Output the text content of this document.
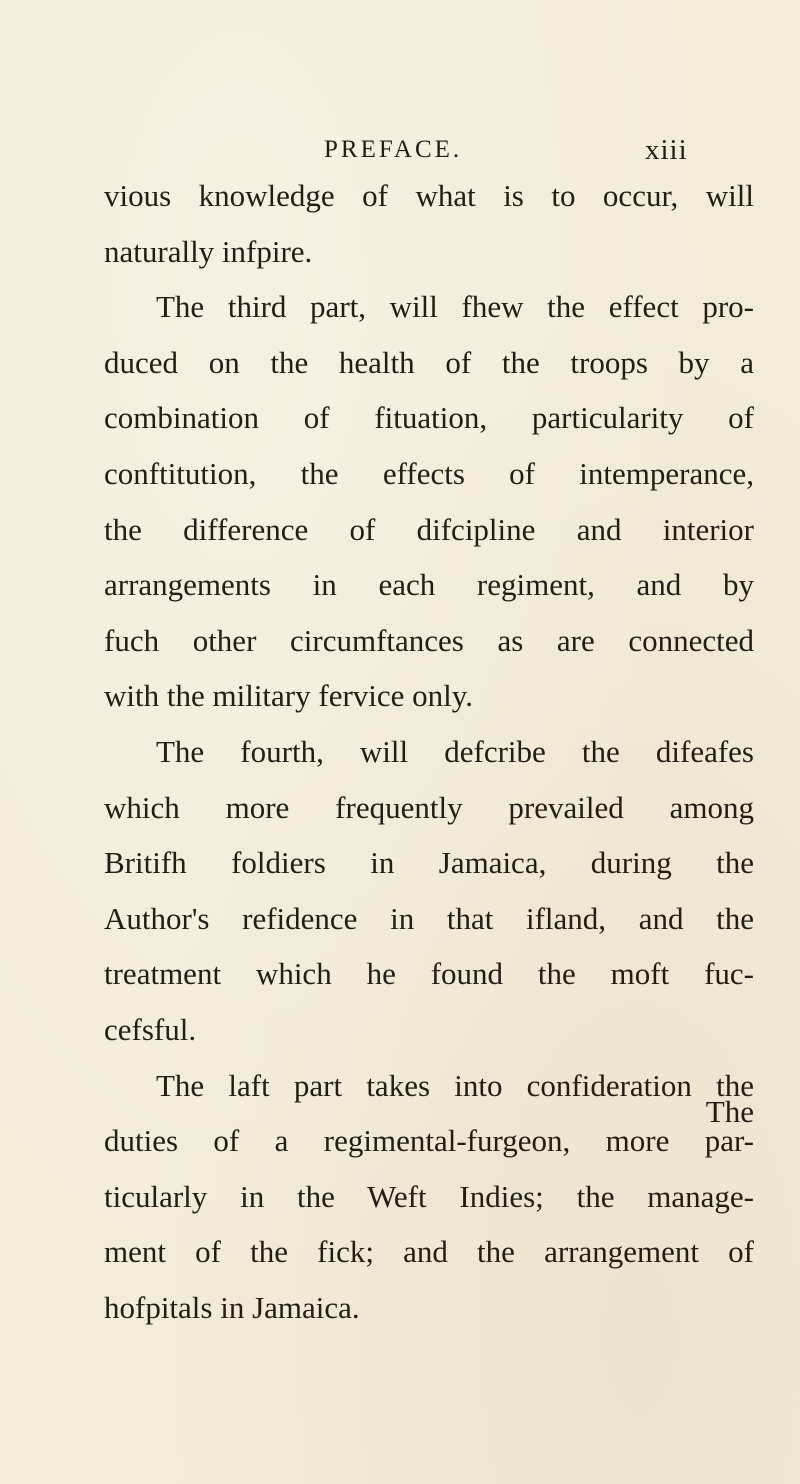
PREFACE.	xiii
vious knowledge of what is to occur, will
naturally infpire.
The third part, will fhew the effect pro-
duced on the health of the troops by a
combination of fituation, particularity of
conftitution, the effects of intemperance,
the difference of difcipline and interior
arrangements in each regiment, and by
fuch other circumftances as are connected
with the military fervice only.
The fourth, will defcribe the difeafes
which more frequently prevailed among
Britifh foldiers in Jamaica, during the
Author's refidence in that ifland, and the
treatment which he found the moft fuc-
cefsful.
The laft part takes into confideration the
duties of a regimental-furgeon, more par-
ticularly in the Weft Indies; the manage-
ment of the fick; and the arrangement of
hofpitals in Jamaica.
The
